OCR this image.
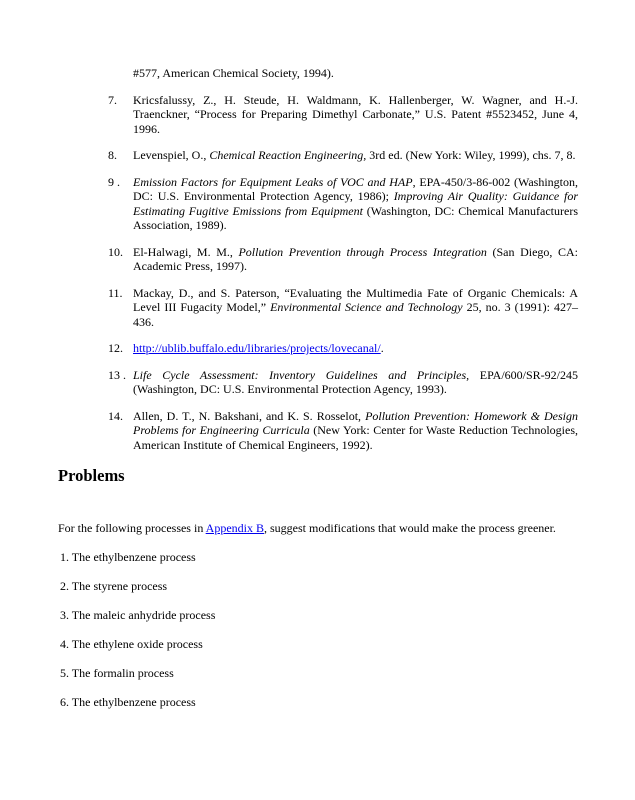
#577, American Chemical Society, 1994).

7.	Kricsfalussy, Z., H. Steude, H. Waldmann, K. Hallenberger, W. Wagner, and H.-J. Traenckner, “Process for Preparing Dimethyl Carbonate,” U.S. Patent #5523452, June 4, 1996.
8.	Levenspiel, O., Chemical Reaction Engineering, 3rd ed. (New York: Wiley, 1999), chs. 7, 8.
9 .	Emission Factors for Equipment Leaks of VOC and HAP, EPA-450/3-86-002 (Washington, DC: U.S. Environmental Protection Agency, 1986); Improving Air Quality: Guidance for Estimating Fugitive Emissions from Equipment (Washington, DC: Chemical Manufacturers Association, 1989).
10. El-Halwagi, M. M., Pollution Prevention through Process Integration (San Diego, CA: Academic Press, 1997).
11. Mackay, D., and S. Paterson, “Evaluating the Multimedia Fate of Organic Chemicals: A Level III Fugacity Model,” Environmental Science and Technology 25, no. 3 (1991): 427–436.
12. http://ublib.buffalo.edu/libraries/projects/lovecanal/.
13 . Life Cycle Assessment: Inventory Guidelines and Principles, EPA/600/SR-92/245 (Washington, DC: U.S. Environmental Protection Agency, 1993).
14. Allen, D. T., N. Bakshani, and K. S. Rosselot, Pollution Prevention: Homework & Design Problems for Engineering Curricula (New York: Center for Waste Reduction Technologies, American Institute of Chemical Engineers, 1992).
Problems

For the following processes in Appendix B, suggest modifications that would make the process greener.

1. The ethylbenzene process

2. The styrene process

3. The maleic anhydride process

4. The ethylene oxide process

5. The formalin process

6. The ethylbenzene process
